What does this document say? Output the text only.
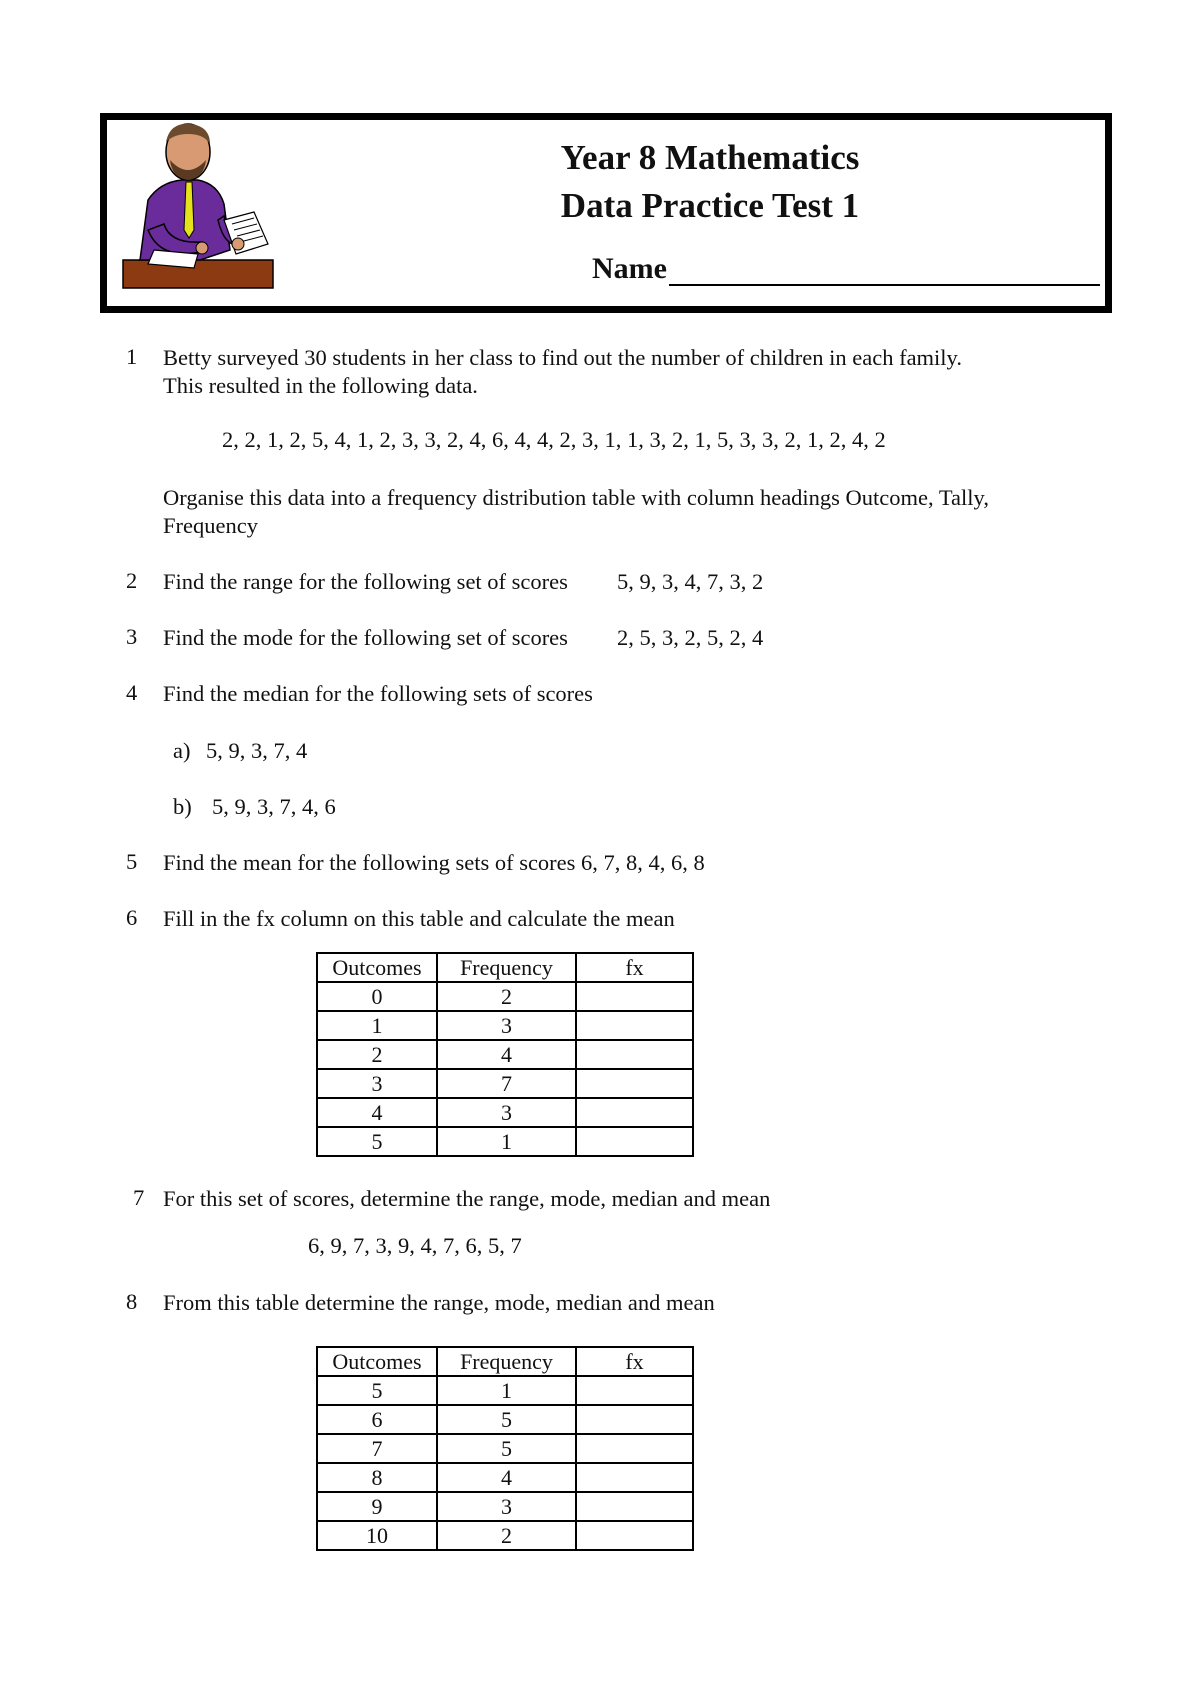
Year 8 Mathematics
Data Practice Test 1
Name
1 Betty surveyed 30 students in her class to find out the number of children in each family.
This resulted in the following data.
2, 2, 1, 2, 5, 4, 1, 2, 3, 3, 2, 4, 6, 4, 4, 2, 3, 1, 1, 3, 2, 1, 5, 3, 3, 2, 1, 2, 4, 2
Organise this data into a frequency distribution table with column headings Outcome, Tally,
Frequency
2 Find the range for the following set of scores 5, 9, 3, 4, 7, 3, 2
3 Find the mode for the following set of scores 2, 5, 3, 2, 5, 2, 4
4 Find the median for the following sets of scores
a) 5, 9, 3, 7, 4
b) 5, 9, 3, 7, 4, 6
5 Find the mean for the following sets of scores 6, 7, 8, 4, 6, 8
6 Fill in the fx column on this table and calculate the mean
Outcomes	Frequency	fx
0	2	
1	3	
2	4	
3	7	
4	3	
5	1	
7 For this set of scores, determine the range, mode, median and mean
6, 9, 7, 3, 9, 4, 7, 6, 5, 7
8 From this table determine the range, mode, median and mean
Outcomes	Frequency	fx
5	1	
6	5	
7	5	
8	4	
9	3	
10	2	
